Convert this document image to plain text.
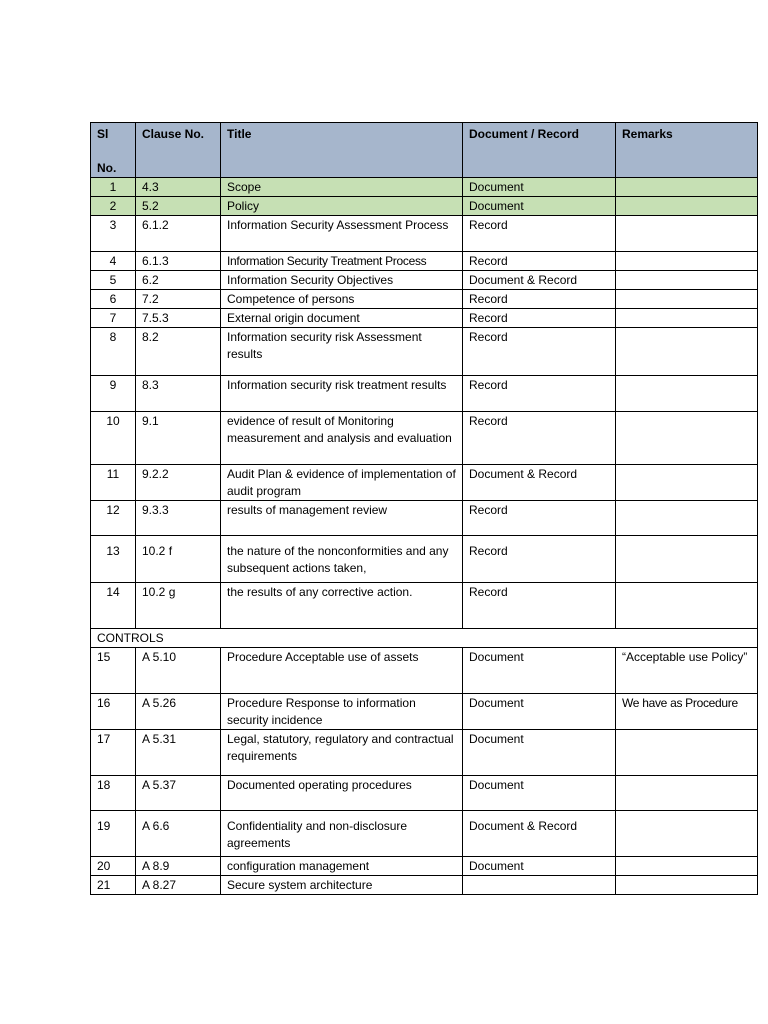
Sl

No.	Clause No.	Title	Document / Record	Remarks
1	4.3	Scope	Document	
2	5.2	Policy	Document	
3	6.1.2	Information Security Assessment Process	Record	
4	6.1.3	Information Security Treatment Process	Record	
5	6.2	Information Security Objectives	Document & Record	
6	7.2	Competence of persons	Record	
7	7.5.3	External origin document	Record	
8	8.2	Information security risk Assessment results	Record	
9	8.3	Information security risk treatment results	Record	
10	9.1	evidence of result of Monitoring measurement and analysis and evaluation	Record	
11	9.2.2	Audit Plan & evidence of implementation of audit program	Document & Record	
12	9.3.3	results of management review	Record	
13	10.2 f	the nature of the nonconformities and any subsequent actions taken,	Record	
14	10.2 g	the results of any corrective action.	Record	
CONTROLS				
15	A 5.10	Procedure Acceptable use of assets	Document	“Acceptable use Policy”
16	A 5.26	Procedure Response to information security incidence	Document	We have as Procedure
17	A 5.31	Legal, statutory, regulatory and contractual requirements	Document	
18	A 5.37	Documented operating procedures	Document	
19	A 6.6	Confidentiality and non-disclosure agreements	Document & Record	
20	A 8.9	configuration management	Document	
21	A 8.27	Secure system architecture		
